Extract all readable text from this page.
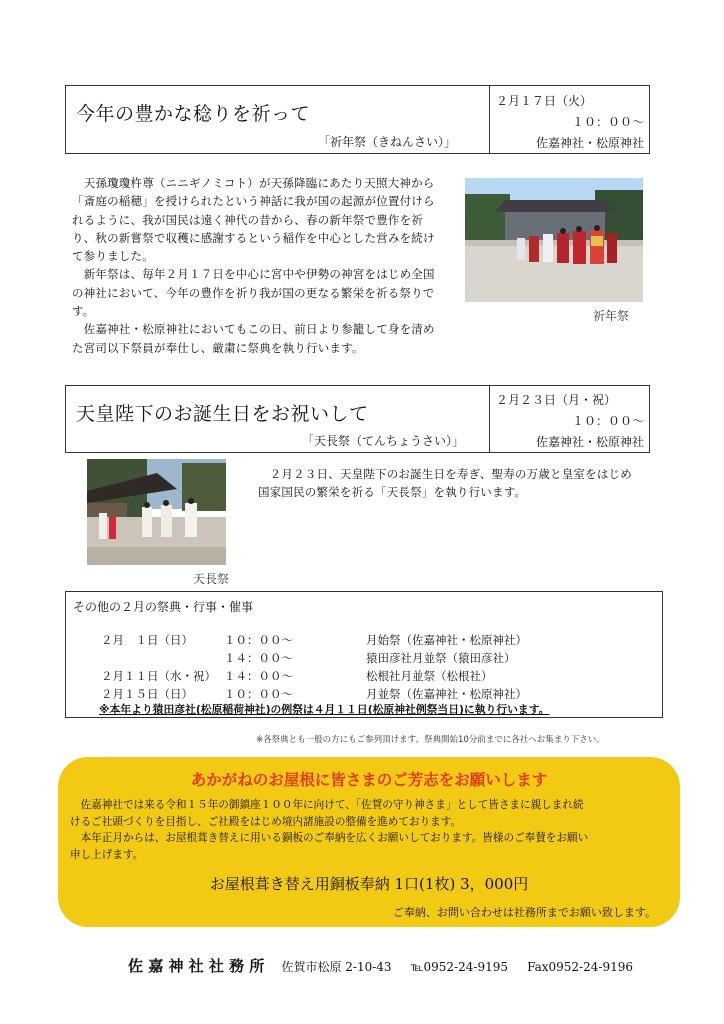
今年の豊かな稔りを祈って
「祈年祭（きねんさい）」
２月１７日（火）
１０：００～
佐嘉神社・松原神社
　天孫瓊瓊杵尊（ニニギノミコト）が天孫降臨にあたり天照大神から
「斎庭の稲穂」を授けられたという神話に我が国の起源が位置付けら
れるように、我が国民は遠く神代の昔から、春の新年祭で豊作を祈
り、秋の新嘗祭で収穫に感謝するという稲作を中心とした営みを続け
て参りました。
　新年祭は、毎年２月１７日を中心に宮中や伊勢の神宮をはじめ全国
の神社において、今年の豊作を祈り我が国の更なる繁栄を祈る祭りで
す。
　佐嘉神社・松原神社においてもこの日、前日より参籠して身を清め
た宮司以下祭員が奉仕し、厳粛に祭典を執り行います。
祈年祭
天皇陛下のお誕生日をお祝いして
「天長祭（てんちょうさい）」
２月２３日（月・祝）
１０：００～
佐嘉神社・松原神社
天長祭
　２月２３日、天皇陛下のお誕生日を寿ぎ、聖寿の万歳と皇室をはじめ
国家国民の繁栄を祈る「天長祭」を執り行います。
その他の２月の祭典・行事・催事
２月　１日（日）	１０：００～	月始祭（佐嘉神社・松原神社）
１４：００～	猿田彦社月並祭（猿田彦社）
２月１１日（水・祝） １４：００～	松根社月並祭（松根社）
２月１５日（日）	１０：００～	月並祭（佐嘉神社・松原神社）
※本年より猿田彦社(松原稲荷神社)の例祭は４月１１日(松原神社例祭当日)に執り行います。
※各祭典とも一般の方にもご参列頂けます。祭典開始10分前までに各社へお集まり下さい。
あかがねのお屋根に皆さまのご芳志をお願いします
　佐嘉神社では来る令和１５年の御鎮座１００年に向けて、「佐賀の守り神さま」として皆さまに親しまれ続
けるご社頭づくりを目指し、ご社殿をはじめ境内諸施設の整備を進めております。
　本年正月からは、お屋根葺き替えに用いる銅板のご奉納を広くお願いしております。皆様のご奉賛をお願い
申し上げます。
お屋根葺き替え用銅板奉納 1口(1枚) 3，000円
ご奉納、お問い合わせは社務所までお願い致します。
佐 嘉 神 社 社 務 所 佐賀市松原 2-10-43 ℡0952-24-9195 Fax0952-24-9196
